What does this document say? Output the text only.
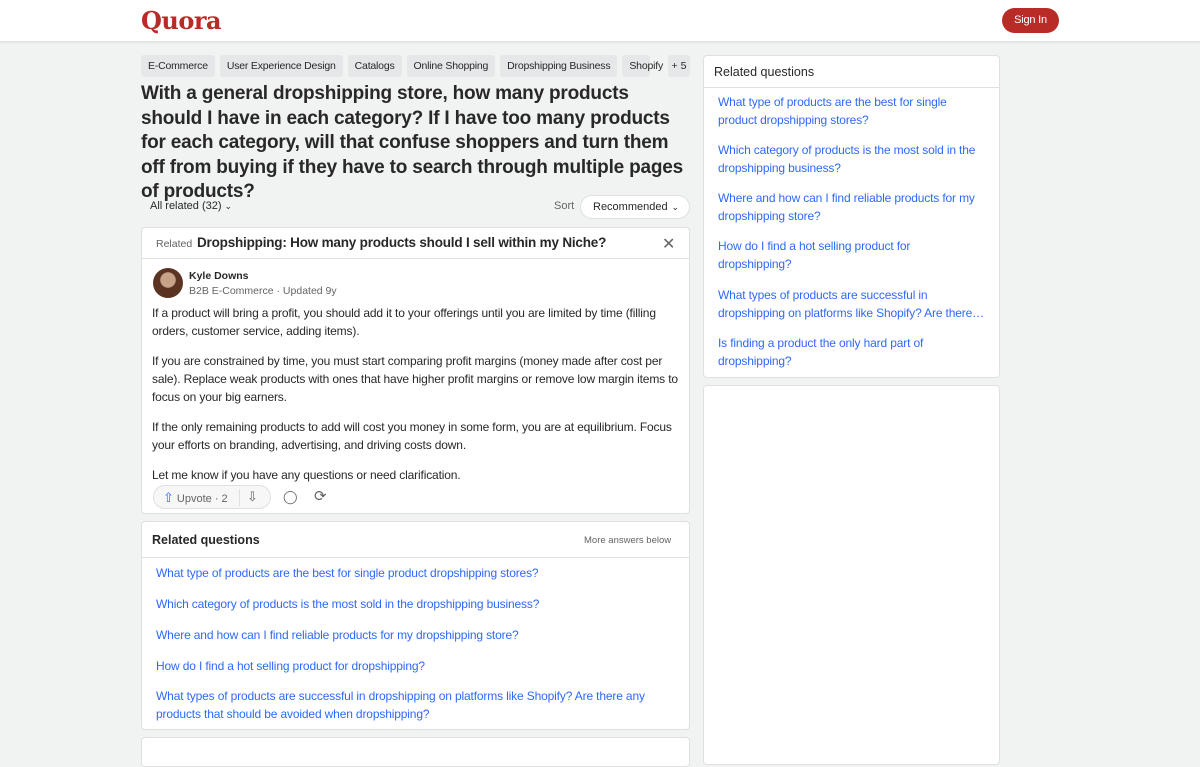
Quora	Sign In
E-Commerce User Experience Design Catalogs Online Shopping Dropshipping Business Shopify + 5
With a general dropshipping store, how many products should I have in each category? If I have too many products for each category, will that confuse shoppers and turn them off from buying if they have to search through multiple pages of products?
All related (32) ⌄	Sort	Recommended ⌄
Related Dropshipping: How many products should I sell within my Niche?	✕
Kyle Downs
B2B E-Commerce · Updated 9y

If a product will bring a profit, you should add it to your offerings until you are limited by time (filling orders, customer service, adding items).

If you are constrained by time, you must start comparing profit margins (money made after cost per sale). Replace weak products with ones that have higher profit margins or remove low margin items to focus on your big earners.

If the only remaining products to add will cost you money in some form, you are at equilibrium. Focus your efforts on branding, advertising, and driving costs down.

Let me know if you have any questions or need clarification.

⇧ Upvote · 2 ⇩ ◯ ⟳
Related questions	More answers below
What type of products are the best for single product dropshipping stores?
Which category of products is the most sold in the dropshipping business?
Where and how can I find reliable products for my dropshipping store?
How do I find a hot selling product for dropshipping?
What types of products are successful in dropshipping on platforms like Shopify? Are there any products that should be avoided when dropshipping?
Related questions
What type of products are the best for single product dropshipping stores?
Which category of products is the most sold in the dropshipping business?
Where and how can I find reliable products for my dropshipping store?
How do I find a hot selling product for dropshipping?
What types of products are successful in dropshipping on platforms like Shopify? Are there…
Is finding a product the only hard part of dropshipping?
